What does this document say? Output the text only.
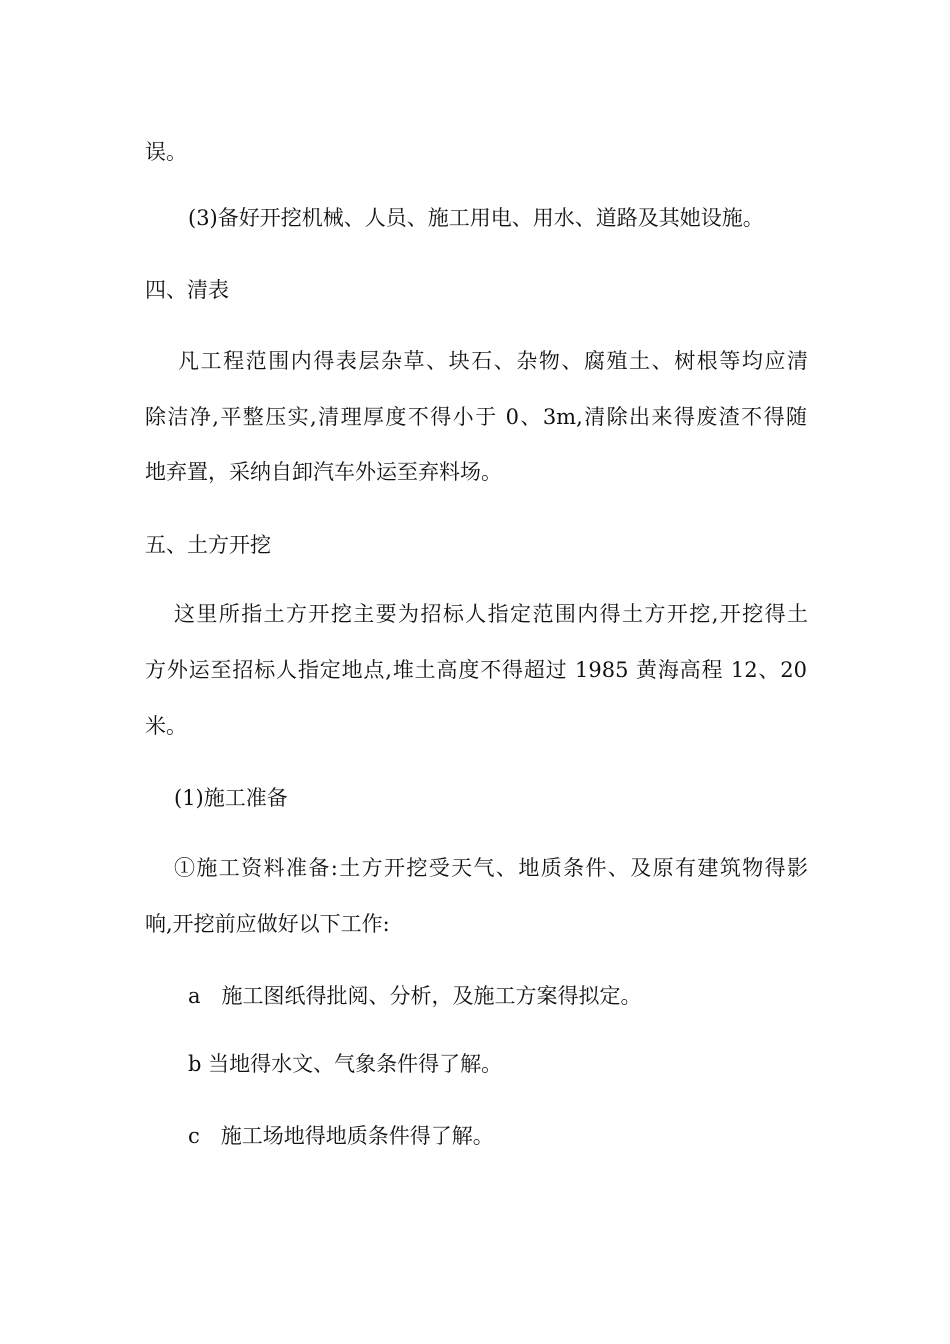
误。
(3)备好开挖机械、人员、施工用电、用水、道路及其她设施。
四、清表
凡工程范围内得表层杂草、块石、杂物、腐殖土、树根等均应清
除洁净,平整压实,清理厚度不得小于 0、3m,清除出来得废渣不得随
地弃置，采纳自卸汽车外运至弃料场。
五、土方开挖
这里所指土方开挖主要为招标人指定范围内得土方开挖,开挖得土
方外运至招标人指定地点,堆土高度不得超过 1985 黄海高程 12、20
米。
(1)施工准备
①施工资料准备:土方开挖受天气、地质条件、及原有建筑物得影
响,开挖前应做好以下工作:
a　施工图纸得批阅、分析，及施工方案得拟定。
b 当地得水文、气象条件得了解。
c　施工场地得地质条件得了解。
